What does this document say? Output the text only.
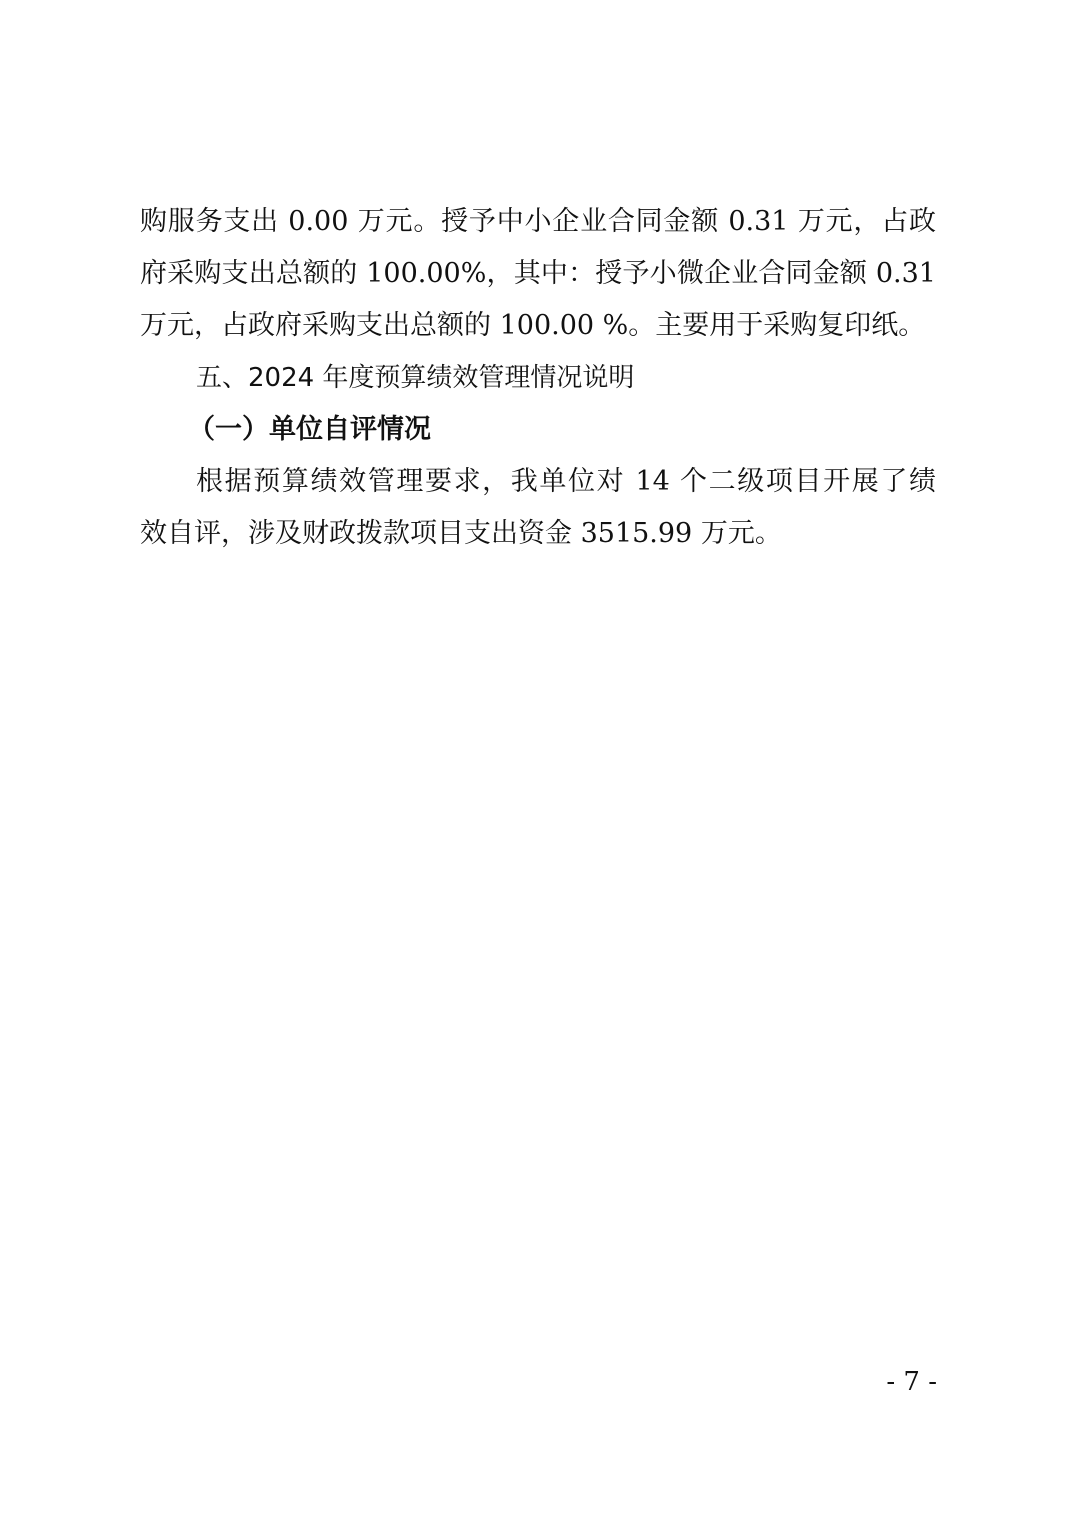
购服务支出 0.00 万元。授予中小企业合同金额 0.31 万元，占政
府采购支出总额的 100.00%，其中：授予小微企业合同金额 0.31
万元，占政府采购支出总额的 100.00 %。主要用于采购复印纸。
五、2024 年度预算绩效管理情况说明
（一）单位自评情况
根据预算绩效管理要求，我单位对 14 个二级项目开展了绩
效自评，涉及财政拨款项目支出资金 3515.99 万元。
- 7 -
